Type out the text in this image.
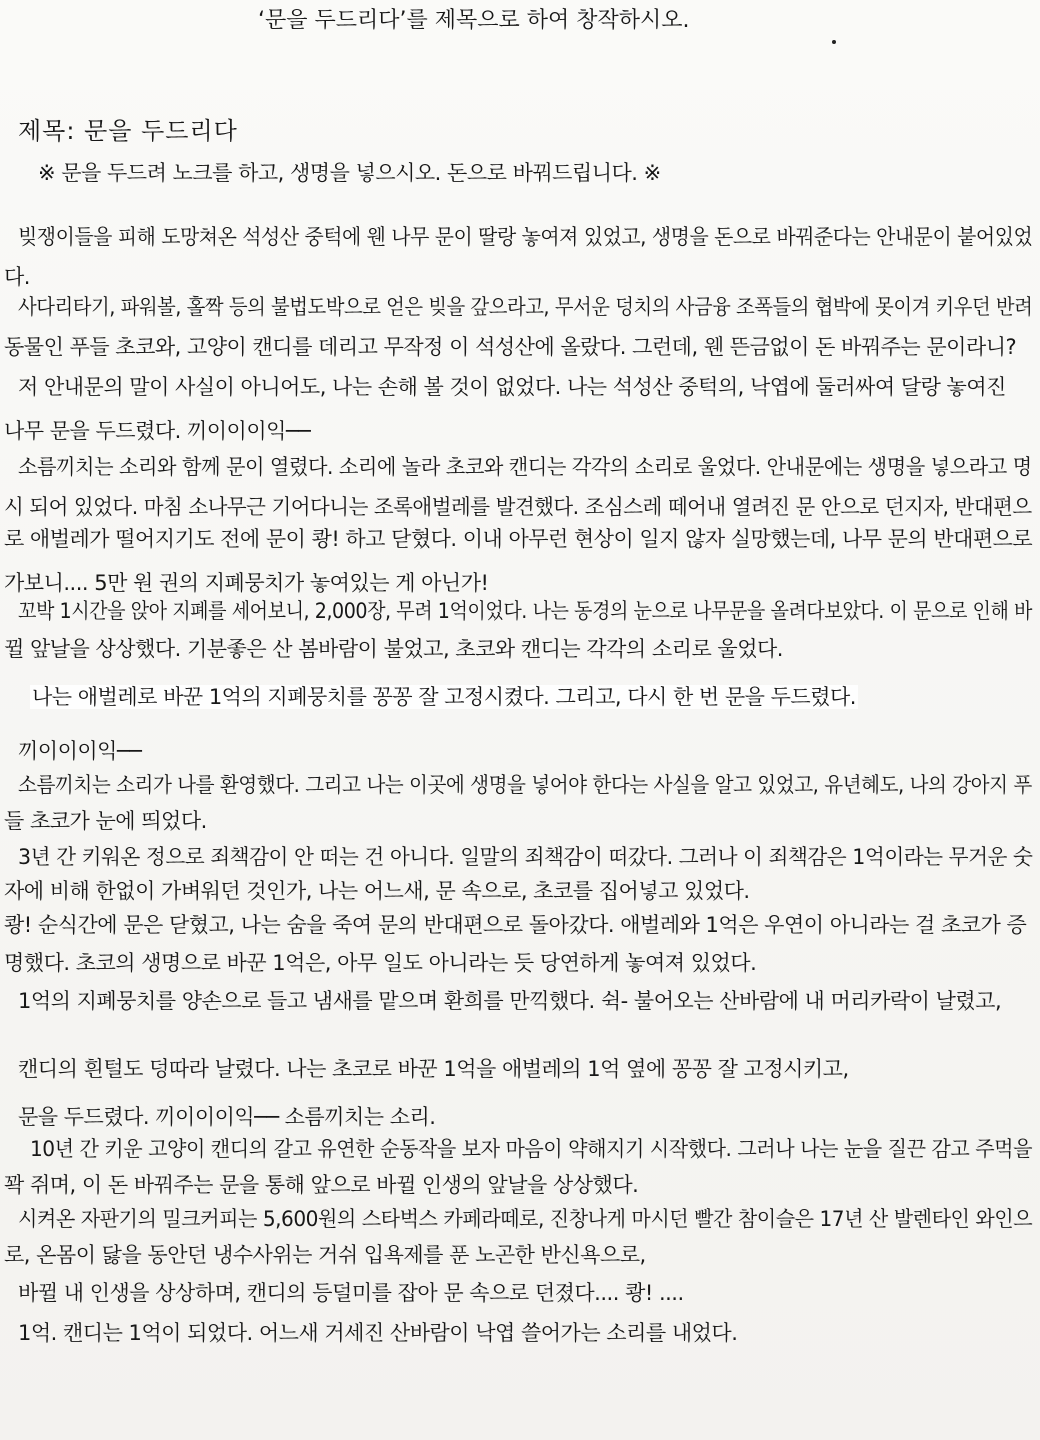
‘문을 두드리다’를 제목으로 하여 창작하시오.
제목: 문을 두드리다
※ 문을 두드려 노크를 하고, 생명을 넣으시오. 돈으로 바꿔드립니다. ※
빚쟁이들을 피해 도망쳐온 석성산 중턱에 웬 나무 문이 딸랑 놓여져 있었고, 생명을 돈으로 바꿔준다는 안내문이 붙어있었
다.
사다리타기, 파워볼, 홀짝 등의 불법도박으로 얻은 빚을 갚으라고, 무서운 덩치의 사금융 조폭들의 협박에 못이겨 키우던 반려
동물인 푸들 초코와, 고양이 캔디를 데리고 무작정 이 석성산에 올랐다. 그런데, 웬 뜬금없이 돈 바꿔주는 문이라니?
저 안내문의 말이 사실이 아니어도, 나는 손해 볼 것이 없었다. 나는 석성산 중턱의, 낙엽에 둘러싸여 달랑 놓여진
나무 문을 두드렸다. 끼이이이익──
소름끼치는 소리와 함께 문이 열렸다. 소리에 놀라 초코와 캔디는 각각의 소리로 울었다. 안내문에는 생명을 넣으라고 명
시 되어 있었다. 마침 소나무근 기어다니는 조록애벌레를 발견했다. 조심스레 떼어내 열려진 문 안으로 던지자, 반대편으
로 애벌레가 떨어지기도 전에 문이 쾅! 하고 닫혔다. 이내 아무런 현상이 일지 않자 실망했는데, 나무 문의 반대편으로
가보니.... 5만 원 권의 지폐뭉치가 놓여있는 게 아닌가!
꼬박 1시간을 앉아 지폐를 세어보니, 2,000장, 무려 1억이었다. 나는 동경의 눈으로 나무문을 올려다보았다. 이 문으로 인해 바
뀔 앞날을 상상했다. 기분좋은 산 봄바람이 불었고, 초코와 캔디는 각각의 소리로 울었다.
나는 애벌레로 바꾼 1억의 지폐뭉치를 꽁꽁 잘 고정시켰다. 그리고, 다시 한 번 문을 두드렸다.
끼이이이익──
소름끼치는 소리가 나를 환영했다. 그리고 나는 이곳에 생명을 넣어야 한다는 사실을 알고 있었고, 유년혜도, 나의 강아지 푸
들 초코가 눈에 띄었다.
3년 간 키워온 정으로 죄책감이 안 떠는 건 아니다. 일말의 죄책감이 떠갔다. 그러나 이 죄책감은 1억이라는 무거운 숫
자에 비해 한없이 가벼워던 것인가, 나는 어느새, 문 속으로, 초코를 집어넣고 있었다.
쾅! 순식간에 문은 닫혔고, 나는 숨을 죽여 문의 반대편으로 돌아갔다. 애벌레와 1억은 우연이 아니라는 걸 초코가 증
명했다. 초코의 생명으로 바꾼 1억은, 아무 일도 아니라는 듯 당연하게 놓여져 있었다.
1억의 지폐뭉치를 양손으로 들고 냄새를 맡으며 환희를 만끽했다. 쉭- 불어오는 산바람에 내 머리카락이 날렸고,
캔디의 흰털도 덩따라 날렸다. 나는 초코로 바꾼 1억을 애벌레의 1억 옆에 꽁꽁 잘 고정시키고,
문을 두드렸다. 끼이이이익── 소름끼치는 소리.
10년 간 키운 고양이 캔디의 갈고 유연한 순동작을 보자 마음이 약해지기 시작했다. 그러나 나는 눈을 질끈 감고 주먹을
꽉 쥐며, 이 돈 바꿔주는 문을 통해 앞으로 바뀔 인생의 앞날을 상상했다.
시켜온 자판기의 밀크커피는 5,600원의 스타벅스 카페라떼로, 진창나게 마시던 빨간 참이슬은 17년 산 발렌타인 와인으
로, 온몸이 닳을 동안던 냉수사위는 거쉬 입욕제를 푼 노곤한 반신욕으로,
바뀔 내 인생을 상상하며, 캔디의 등덜미를 잡아 문 속으로 던졌다.... 쾅! ....
1억. 캔디는 1억이 되었다. 어느새 거세진 산바람이 낙엽 쓸어가는 소리를 내었다.
